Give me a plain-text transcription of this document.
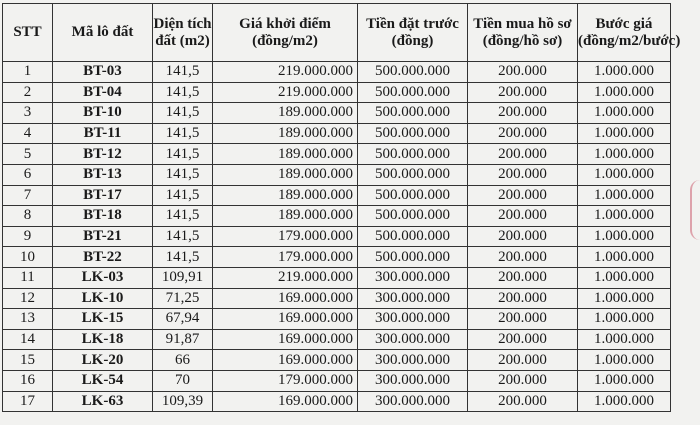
STT	Mã lô đất	Diện tích đất (m2)	Giá khởi điểm (đồng/m2)	Tiền đặt trước (đồng)	Tiền mua hồ sơ (đồng/hồ sơ)	Bước giá (đồng/m2/bước)
1	BT-03	141,5	219.000.000	500.000.000	200.000	1.000.000
2	BT-04	141,5	219.000.000	500.000.000	200.000	1.000.000
3	BT-10	141,5	189.000.000	500.000.000	200.000	1.000.000
4	BT-11	141,5	189.000.000	500.000.000	200.000	1.000.000
5	BT-12	141,5	189.000.000	500.000.000	200.000	1.000.000
6	BT-13	141,5	189.000.000	500.000.000	200.000	1.000.000
7	BT-17	141,5	189.000.000	500.000.000	200.000	1.000.000
8	BT-18	141,5	189.000.000	500.000.000	200.000	1.000.000
9	BT-21	141,5	179.000.000	500.000.000	200.000	1.000.000
10	BT-22	141,5	179.000.000	500.000.000	200.000	1.000.000
11	LK-03	109,91	219.000.000	300.000.000	200.000	1.000.000
12	LK-10	71,25	169.000.000	300.000.000	200.000	1.000.000
13	LK-15	67,94	169.000.000	300.000.000	200.000	1.000.000
14	LK-18	91,87	169.000.000	300.000.000	200.000	1.000.000
15	LK-20	66	169.000.000	300.000.000	200.000	1.000.000
16	LK-54	70	179.000.000	300.000.000	200.000	1.000.000
17	LK-63	109,39	169.000.000	300.000.000	200.000	1.000.000
